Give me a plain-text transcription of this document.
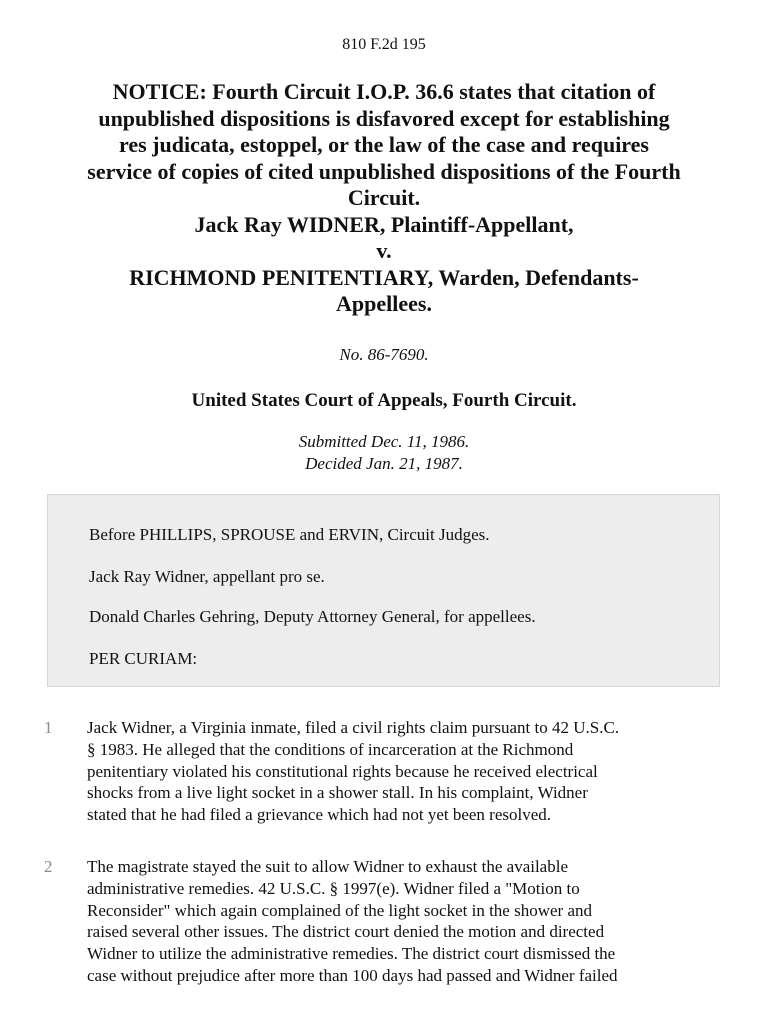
810 F.2d 195
NOTICE: Fourth Circuit I.O.P. 36.6 states that citation of
unpublished dispositions is disfavored except for establishing
res judicata, estoppel, or the law of the case and requires
service of copies of cited unpublished dispositions of the Fourth
Circuit.
Jack Ray WIDNER, Plaintiff-Appellant,
v.
RICHMOND PENITENTIARY, Warden, Defendants-
Appellees.
No. 86-7690.
United States Court of Appeals, Fourth Circuit.
Submitted Dec. 11, 1986.
Decided Jan. 21, 1987.

Before PHILLIPS, SPROUSE and ERVIN, Circuit Judges.

Jack Ray Widner, appellant pro se.

Donald Charles Gehring, Deputy Attorney General, for appellees.

PER CURIAM:

1	Jack Widner, a Virginia inmate, filed a civil rights claim pursuant to 42 U.S.C.
§ 1983. He alleged that the conditions of incarceration at the Richmond
penitentiary violated his constitutional rights because he received electrical
shocks from a live light socket in a shower stall. In his complaint, Widner
stated that he had filed a grievance which had not yet been resolved.
2	The magistrate stayed the suit to allow Widner to exhaust the available
administrative remedies. 42 U.S.C. § 1997(e). Widner filed a "Motion to
Reconsider" which again complained of the light socket in the shower and
raised several other issues. The district court denied the motion and directed
Widner to utilize the administrative remedies. The district court dismissed the
case without prejudice after more than 100 days had passed and Widner failed
